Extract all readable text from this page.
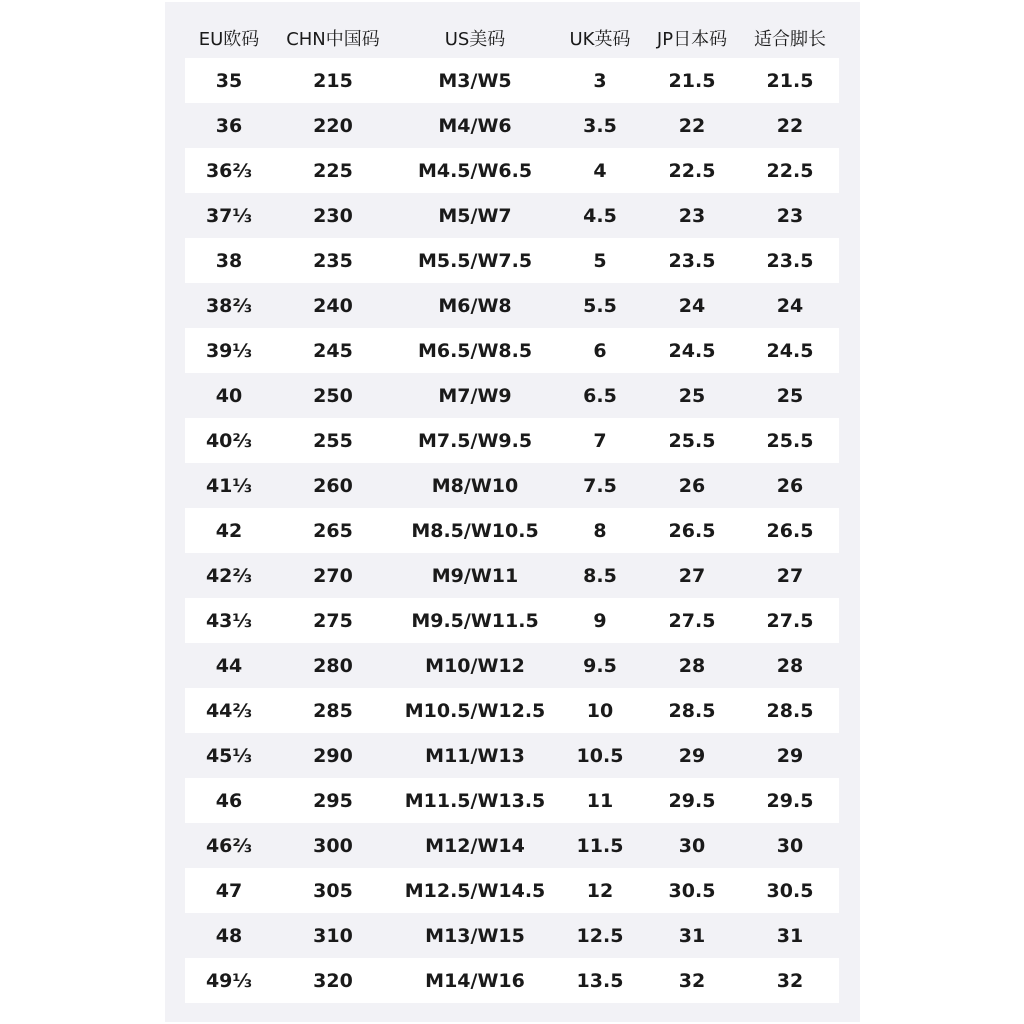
EU欧码	CHN中国码	US美码	UK英码	JP日本码	适合脚长
35	215	M3/W5	3	21.5	21.5
36	220	M4/W6	3.5	22	22
36⅔	225	M4.5/W6.5	4	22.5	22.5
37⅓	230	M5/W7	4.5	23	23
38	235	M5.5/W7.5	5	23.5	23.5
38⅔	240	M6/W8	5.5	24	24
39⅓	245	M6.5/W8.5	6	24.5	24.5
40	250	M7/W9	6.5	25	25
40⅔	255	M7.5/W9.5	7	25.5	25.5
41⅓	260	M8/W10	7.5	26	26
42	265	M8.5/W10.5	8	26.5	26.5
42⅔	270	M9/W11	8.5	27	27
43⅓	275	M9.5/W11.5	9	27.5	27.5
44	280	M10/W12	9.5	28	28
44⅔	285	M10.5/W12.5	10	28.5	28.5
45⅓	290	M11/W13	10.5	29	29
46	295	M11.5/W13.5	11	29.5	29.5
46⅔	300	M12/W14	11.5	30	30
47	305	M12.5/W14.5	12	30.5	30.5
48	310	M13/W15	12.5	31	31
49⅓	320	M14/W16	13.5	32	32
